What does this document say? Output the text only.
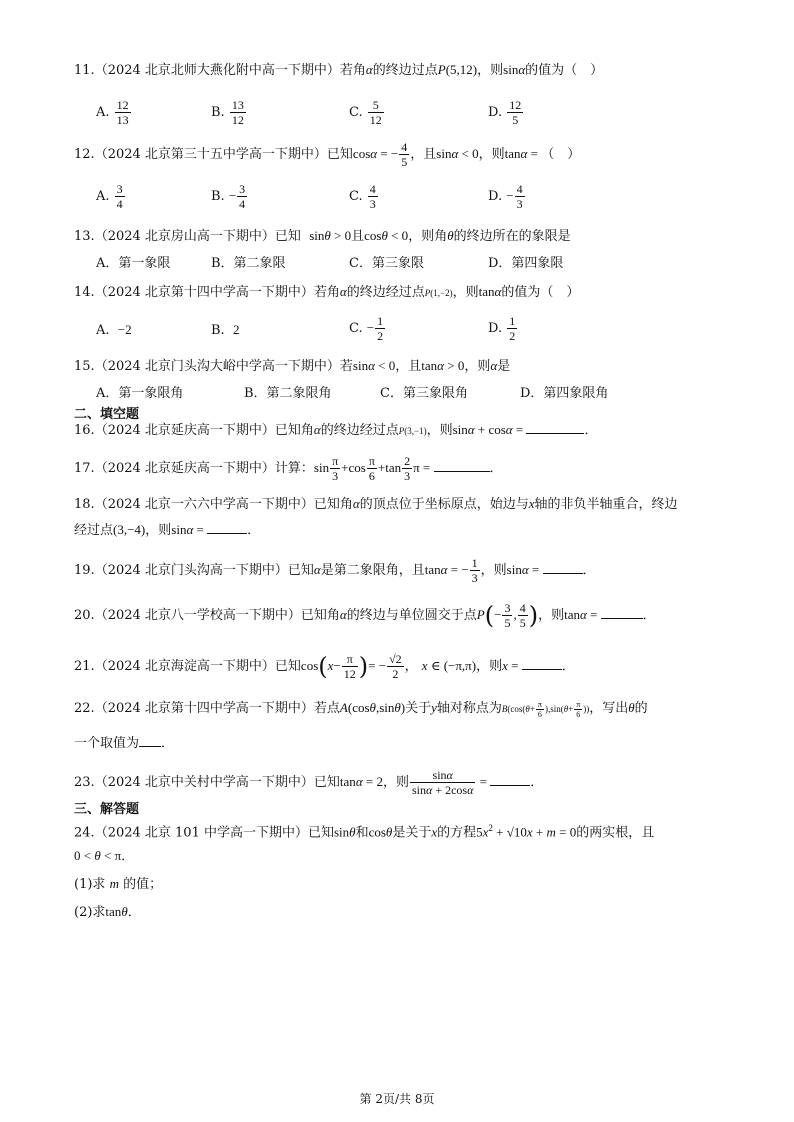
11.（2024 北京北师大燕化附中高一下期中）若角α的终边过点P(5,12)，则sinα的值为（　）
A. $\frac{12}{13}$	B. $\frac{13}{12}$	C. $\frac{5}{12}$	D. $\frac{12}{5}$
12.（2024 北京第三十五中学高一下期中）已知cosα = − $\frac{4}{5}$ ，且sinα < 0，则tanα = （　）
A. $\frac{3}{4}$	B. − $\frac{3}{4}$	C. $\frac{4}{3}$	D. − $\frac{4}{3}$
13.（2024 北京房山高一下期中）已知 sinθ > 0且cosθ < 0，则角θ的终边所在的象限是
A．第一象限	B．第二象限	C．第三象限	D．第四象限
14.（2024 北京第十四中学高一下期中）若角α的终边经过点P(1,−2)，则tanα的值为（　）
A. −2	B. 2	C. − $\frac{1}{2}$	D. $\frac{1}{2}$
15.（2024 北京门头沟大峪中学高一下期中）若sinα < 0，且tanα > 0，则α是
A．第一象限角	B．第二象限角	C．第三象限角	D．第四象限角
二、填空题
16.（2024 北京延庆高一下期中）已知角α的终边经过点P(3,−1)，则sinα + cosα =	．
17.（2024 北京延庆高一下期中）计算：$\sin \frac{\pi}{3} +\cos \frac{\pi}{6} +\tan \frac{2}{3}$ π =	．
18.（2024 北京一六六中学高一下期中）已知角α的顶点位于坐标原点，始边与x轴的非负半轴重合，终边
经过点(3,−4)，则sinα =	．
19.（2024 北京门头沟高一下期中）已知α是第二象限角，且tanα = − $\frac{1}{3}$ ，则sinα =	．
20.（2024 北京八一学校高一下期中）已知角α的终边与单位圆交于点$P(- \frac{3}{5}$ , $\frac{4}{5}$ )，则tanα =	．
21.（2024 北京海淀高一下期中）已知$\cos(x- \frac{\pi}{12}$ )= − $\frac{√2}{2}$ ， x ∈ (−π,π)，则x =	．
22.（2024 北京第十四中学高一下期中）若点A(cosθ,sinθ)关于y轴对称点为$B(\cos(\theta+ \frac{\pi}{6} ),\sin(\theta+ \frac{\pi}{6}$ ))，写出θ的
一个取值为 ．
23.（2024 北京中关村中学高一下期中）已知tanα = 2，则 $\frac{\sin\alpha}{\sin\alpha + 2\cos\alpha}$ =	．
三、解答题
24.（2024 北京 101 中学高一下期中）已知sinθ和cosθ是关于x的方程$5x^2 + √10x + m = 0$的两实根，且
0 < θ < π．
(1)求 m 的值；
(2)求tanθ．
第 2页/共 8页
